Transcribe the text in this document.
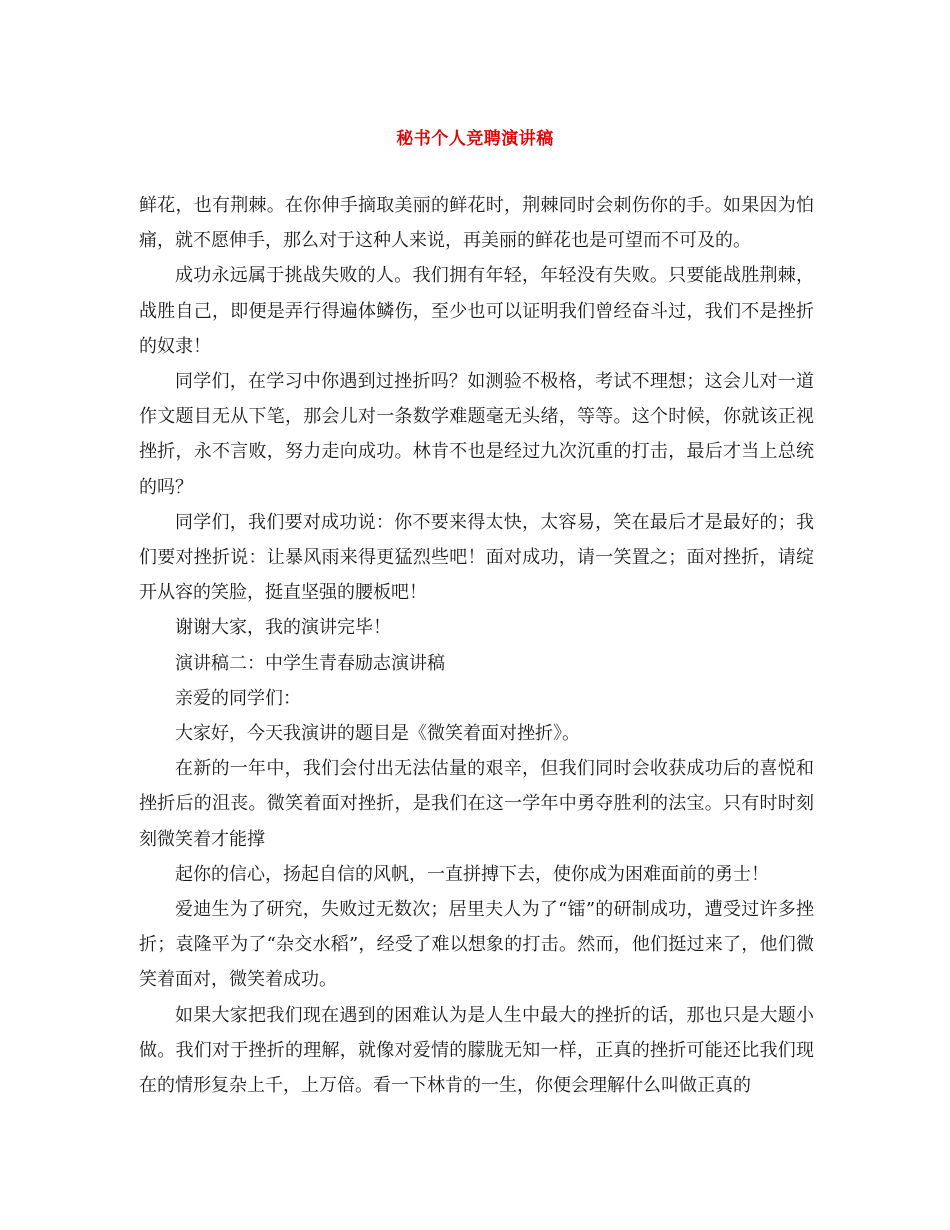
秘书个人竞聘演讲稿

鲜花，也有荆棘。在你伸手摘取美丽的鲜花时，荆棘同时会刺伤你的手。如果因为怕痛，就不愿伸手，那么对于这种人来说，再美丽的鲜花也是可望而不可及的。

成功永远属于挑战失败的人。我们拥有年轻，年轻没有失败。只要能战胜荆棘，战胜自己，即便是弄行得遍体鳞伤，至少也可以证明我们曾经奋斗过，我们不是挫折的奴隶！

同学们，在学习中你遇到过挫折吗？如测验不极格，考试不理想；这会儿对一道作文题目无从下笔，那会儿对一条数学难题毫无头绪，等等。这个时候，你就该正视挫折，永不言败，努力走向成功。林肯不也是经过九次沉重的打击，最后才当上总统的吗？

同学们，我们要对成功说：你不要来得太快，太容易，笑在最后才是最好的；我们要对挫折说：让暴风雨来得更猛烈些吧！面对成功，请一笑置之；面对挫折，请绽开从容的笑脸，挺直坚强的腰板吧！

谢谢大家，我的演讲完毕！

演讲稿二：中学生青春励志演讲稿

亲爱的同学们：

大家好，今天我演讲的题目是《微笑着面对挫折》。

在新的一年中，我们会付出无法估量的艰辛，但我们同时会收获成功后的喜悦和挫折后的沮丧。微笑着面对挫折，是我们在这一学年中勇夺胜利的法宝。只有时时刻刻微笑着才能撑

起你的信心，扬起自信的风帆，一直拼搏下去，使你成为困难面前的勇士！

爱迪生为了研究，失败过无数次；居里夫人为了“镭”的研制成功，遭受过许多挫折；袁隆平为了“杂交水稻”，经受了难以想象的打击。然而，他们挺过来了，他们微笑着面对，微笑着成功。

如果大家把我们现在遇到的困难认为是人生中最大的挫折的话，那也只是大题小做。我们对于挫折的理解，就像对爱情的朦胧无知一样，正真的挫折可能还比我们现在的情形复杂上千，上万倍。看一下林肯的一生，你便会理解什么叫做正真的
